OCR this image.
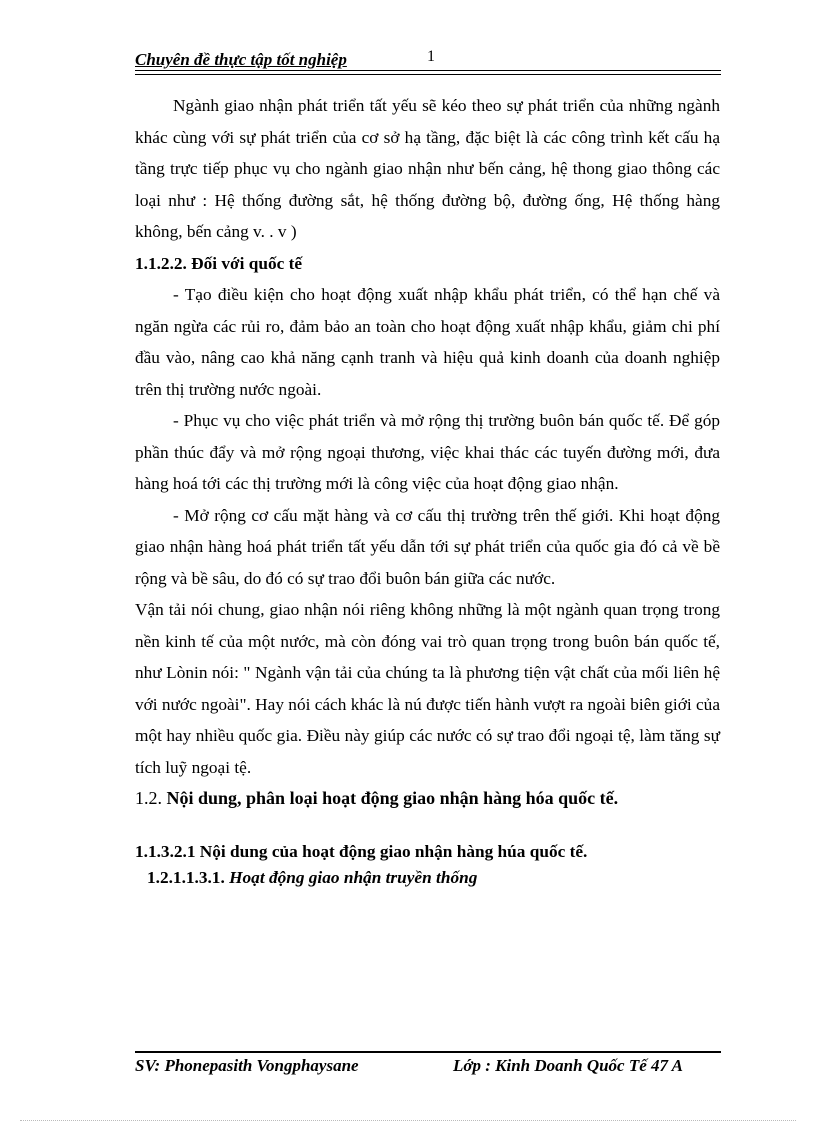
Chuyên đề thực tập tốt nghiệp	1

Ngành giao nhận phát triển tất yếu sẽ kéo theo sự phát triển của những ngành khác cùng với sự phát triển của cơ sở hạ tầng, đặc biệt là các công trình kết cấu hạ tầng trực tiếp phục vụ cho ngành giao nhận như bến cảng, hệ thong giao thông các loại như : Hệ thống đường sắt, hệ thống đường bộ, đường ống, Hệ thống hàng không, bến cảng v. . v )

1.1.2.2. Đối với quốc tế

- Tạo điều kiện cho hoạt động xuất nhập khẩu phát triển, có thể hạn chế và ngăn ngừa các rủi ro, đảm bảo an toàn cho hoạt động xuất nhập khẩu, giảm chi phí đầu vào, nâng cao khả năng cạnh tranh và hiệu quả kinh doanh của doanh nghiệp trên thị trường nước ngoài.

- Phục vụ cho việc phát triển và mở rộng thị trường buôn bán quốc tế. Để góp phần thúc đẩy và mở rộng ngoại thương, việc khai thác các tuyến đường mới, đưa hàng hoá tới các thị trường mới là công việc của hoạt động giao nhận.

- Mở rộng cơ cấu mặt hàng và cơ cấu thị trường trên thế giới. Khi hoạt động giao nhận hàng hoá phát triển tất yếu dẫn tới sự phát triển của quốc gia đó cả về bề rộng và bề sâu, do đó có sự trao đổi buôn bán giữa các nước.

Vận tải nói chung, giao nhận nói riêng không những là một ngành quan trọng trong nền kinh tế của một nước, mà còn đóng vai trò quan trọng trong buôn bán quốc tế, như Lònin nói: " Ngành vận tải của chúng ta là phương tiện vật chất của mối liên hệ với nước ngoài". Hay nói cách khác là nú được tiến hành vượt ra ngoài biên giới của một hay nhiều quốc gia. Điều này giúp các nước có sự trao đổi ngoại tệ, làm tăng sự tích luỹ ngoại tệ.

1.2. Nội dung, phân loại hoạt động giao nhận hàng hóa quốc tế.

1.1.3.2.1 Nội dung của hoạt động giao nhận hàng húa quốc tế.

1.2.1.1.3.1. Hoạt động giao nhận truyền thống

SV: Phonepasith Vongphaysane	Lớp : Kinh Doanh Quốc Tế 47 A
